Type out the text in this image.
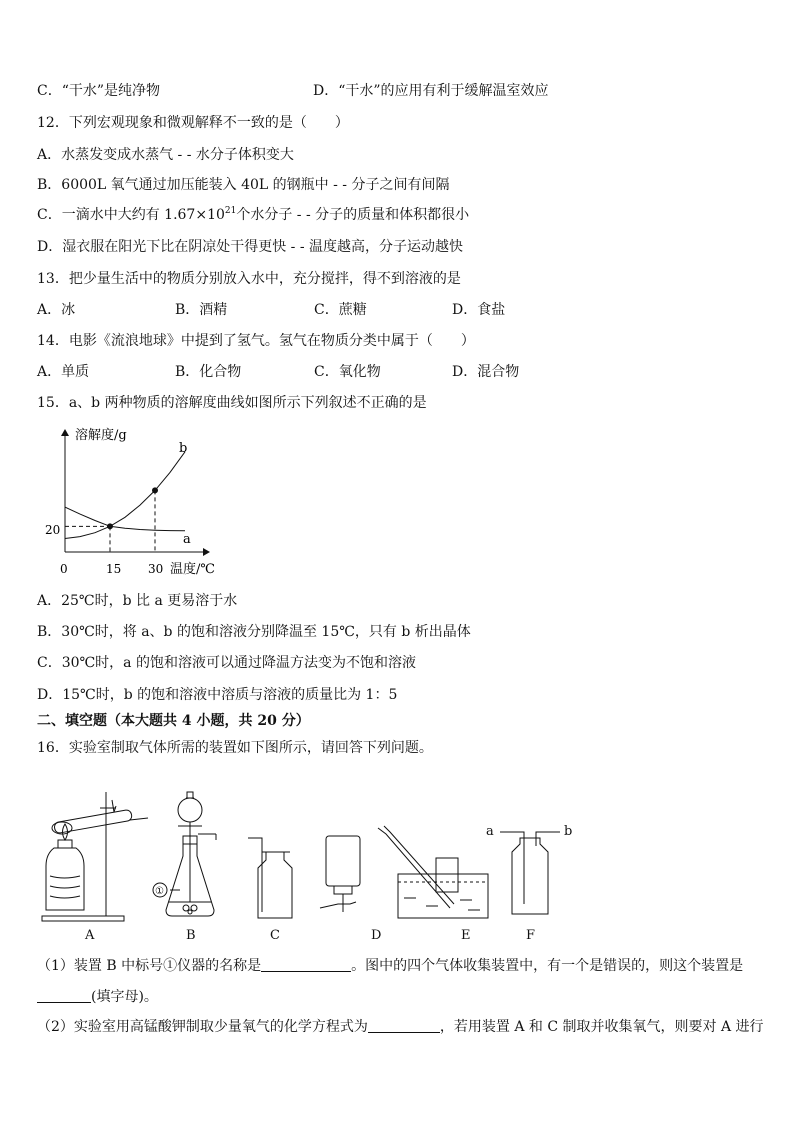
C．“干水”是纯净物	D．“干水”的应用有利于缓解温室效应
12．下列宏观现象和微观解释不一致的是（　　）
A．水蒸发变成水蒸气 - - 水分子体积变大
B．6000L 氧气通过加压能装入 40L 的钢瓶中 - - 分子之间有间隔
C．一滴水中大约有 $1.67\times 10^{21}$个水分子 - - 分子的质量和体积都很小
D．湿衣服在阳光下比在阴凉处干得更快 - - 温度越高，分子运动越快
13．把少量生活中的物质分别放入水中，充分搅拌，得不到溶液的是
A．冰	B．酒精	C．蔗糖	D．食盐
14．电影《流浪地球》中提到了氢气。氢气在物质分类中属于（　　）
A．单质	B．化合物	C．氧化物	D．混合物
15．a、b 两种物质的溶解度曲线如图所示下列叙述不正确的是
溶解度/g
温度/℃
0	15 30
20
a
b
A．25℃时，b 比 a 更易溶于水
B．30℃时，将 a、b 的饱和溶液分别降温至 15℃，只有 b 析出晶体
C．30℃时，a 的饱和溶液可以通过降温方法变为不饱和溶液
D．15℃时，b 的饱和溶液中溶质与溶液的质量比为 1：5
二、填空题（本大题共 4 小题，共 20 分）
16．实验室制取气体所需的装置如下图所示，请回答下列问题。
①
a	b
A	B	C	D	E	F
（1）装置 B 中标号①仪器的名称是	。图中的四个气体收集装置中，有一个是错误的，则这个装置是
(填字母)。
（2）实验室用高锰酸钾制取少量氧气的化学方程式为	，若用装置 A 和 C 制取并收集氧气，则要对 A 进行
